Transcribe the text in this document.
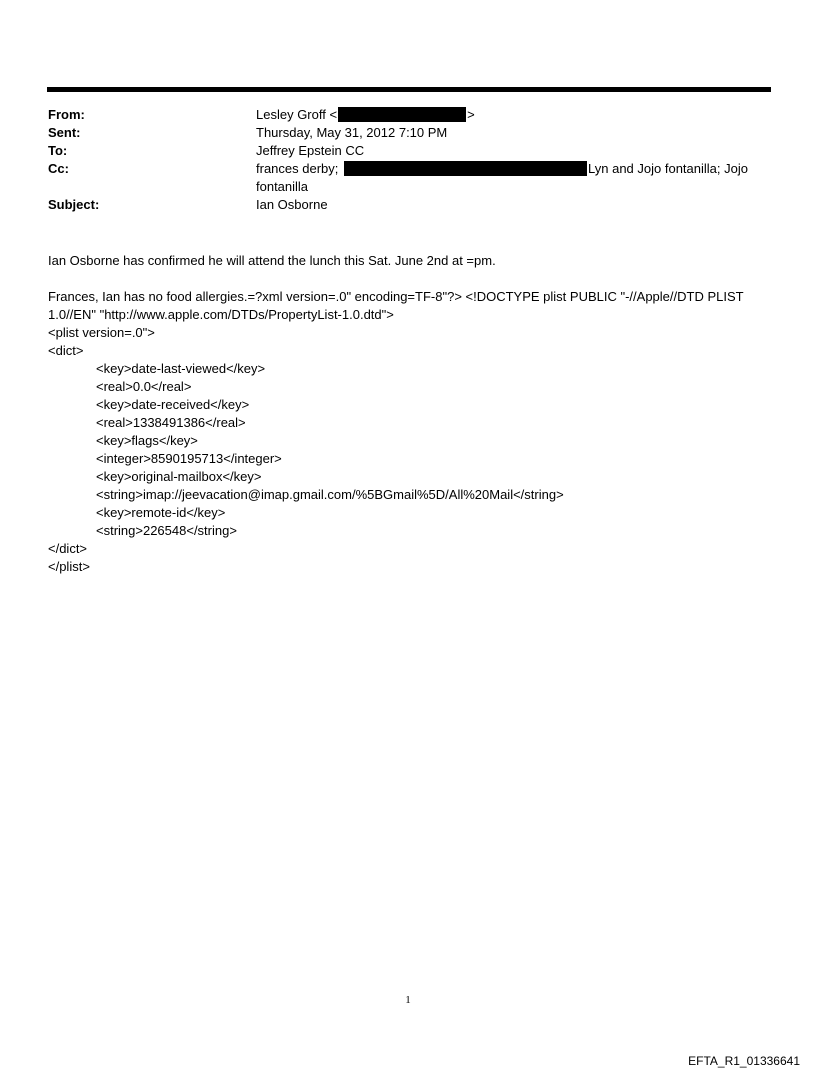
From:	Lesley Groff <	>
Sent:	Thursday, May 31, 2012 7:10 PM
To:	Jeffrey Epstein CC
Cc:	frances derby;	Lyn and Jojo fontanilla; Jojo
fontanilla
Subject:	Ian Osborne

Ian Osborne has confirmed he will attend the lunch this Sat. June 2nd at =pm.

Frances, Ian has no food allergies.=?xml version=.0" encoding=TF-8"?> <!DOCTYPE plist PUBLIC "-//Apple//DTD PLIST

1.0//EN" "http://www.apple.com/DTDs/PropertyList-1.0.dtd">

<plist version=.0">

<dict>

<key>date-last-viewed</key>

<real>0.0</real>

<key>date-received</key>

<real>1338491386</real>

<key>flags</key>

<integer>8590195713</integer>

<key>original-mailbox</key>

<string>imap://jeevacation@imap.gmail.com/%5BGmail%5D/All%20Mail</string>

<key>remote-id</key>

<string>226548</string>

</dict>

</plist>

1
EFTA_R1_01336641
